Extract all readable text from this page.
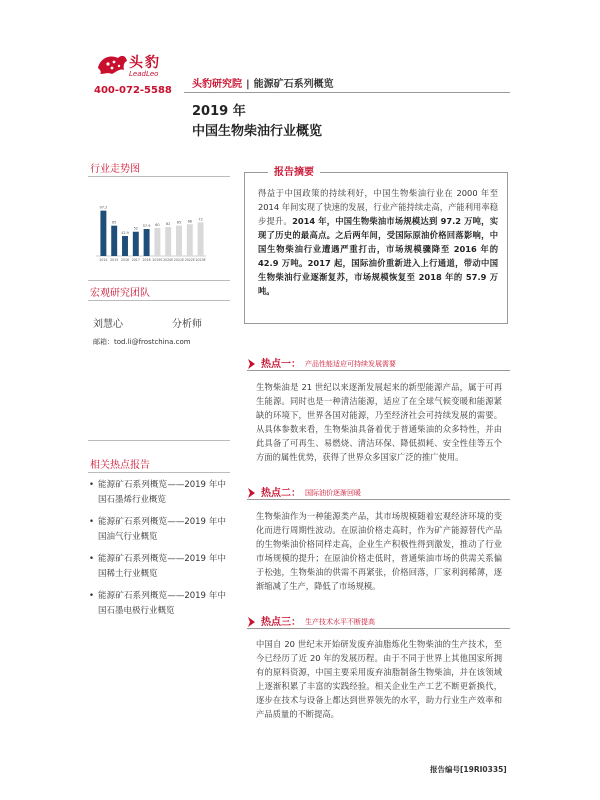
头豹
LeadLeo
400-072-5588
头豹研究院 | 能源矿石系列概览
2019 年
中国生物柴油行业概览
行业走势图
97.2
2014
65
2015
42.9
2016
52
2017
57.9
2018
60
2019E
62
2020E
65
2021E
68
2022E
72
2023E
宏观研究团队
刘慧心	分析师
邮箱：tod.li@frostchina.com
相关热点报告
• 能源矿石系列概览——2019 年中国石墨烯行业概览
• 能源矿石系列概览——2019 年中国油气行业概览
• 能源矿石系列概览——2019 年中国稀土行业概览
• 能源矿石系列概览——2019 年中国石墨电极行业概览
报告摘要
得益于中国政策的持续利好，中国生物柴油行业在 2000 年至 2014 年间实现了快速的发展，行业产能持续走高，产能利用率稳步提升。2014 年，中国生物柴油市场规模达到 97.2 万吨，实现了历史的最高点。之后两年间，受国际原油价格回落影响，中国生物柴油行业遭遇严重打击，市场规模骤降至 2016 年的 42.9 万吨。2017 起，国际油价重新进入上行通道，带动中国生物柴油行业逐渐复苏，市场规模恢复至 2018 年的 57.9 万吨。
热点一： 产品性能适应可持续发展需要
生物柴油是 21 世纪以来逐渐发展起来的新型能源产品，属于可再生能源。同时也是一种清洁能源，适应了在全球气候变暖和能源紧缺的环境下，世界各国对能源，乃至经济社会可持续发展的需要。从具体参数来看，生物柴油具备着优于普通柴油的众多特性，并由此具备了可再生、易燃烧、清洁环保、降低损耗、安全性佳等五个方面的属性优势，获得了世界众多国家广泛的推广使用。
热点二： 国际油价逐渐回暖
生物柴油作为一种能源类产品，其市场规模随着宏观经济环境的变化而进行周期性波动。在原油价格走高时，作为矿产能源替代产品的生物柴油价格同样走高，企业生产积极性得到激发，推动了行业市场规模的提升；在原油价格走低时，普通柴油市场的供需关系偏于松弛，生物柴油的供需不再紧张，价格回落，厂家利润稀薄，逐渐缩减了生产，降低了市场规模。
热点三： 生产技术水平不断提高
中国自 20 世纪末开始研发废弃油脂炼化生物柴油的生产技术，至今已经历了近 20 年的发展历程。由于不同于世界上其他国家所拥有的原料资源，中国主要采用废弃油脂制备生物柴油，并在该领域上逐渐积累了丰富的实践经验。相关企业生产工艺不断更新换代，逐步在技术与设备上都达到世界领先的水平，助力行业生产效率和产品质量的不断提高。
报告编号[19RI0335]
